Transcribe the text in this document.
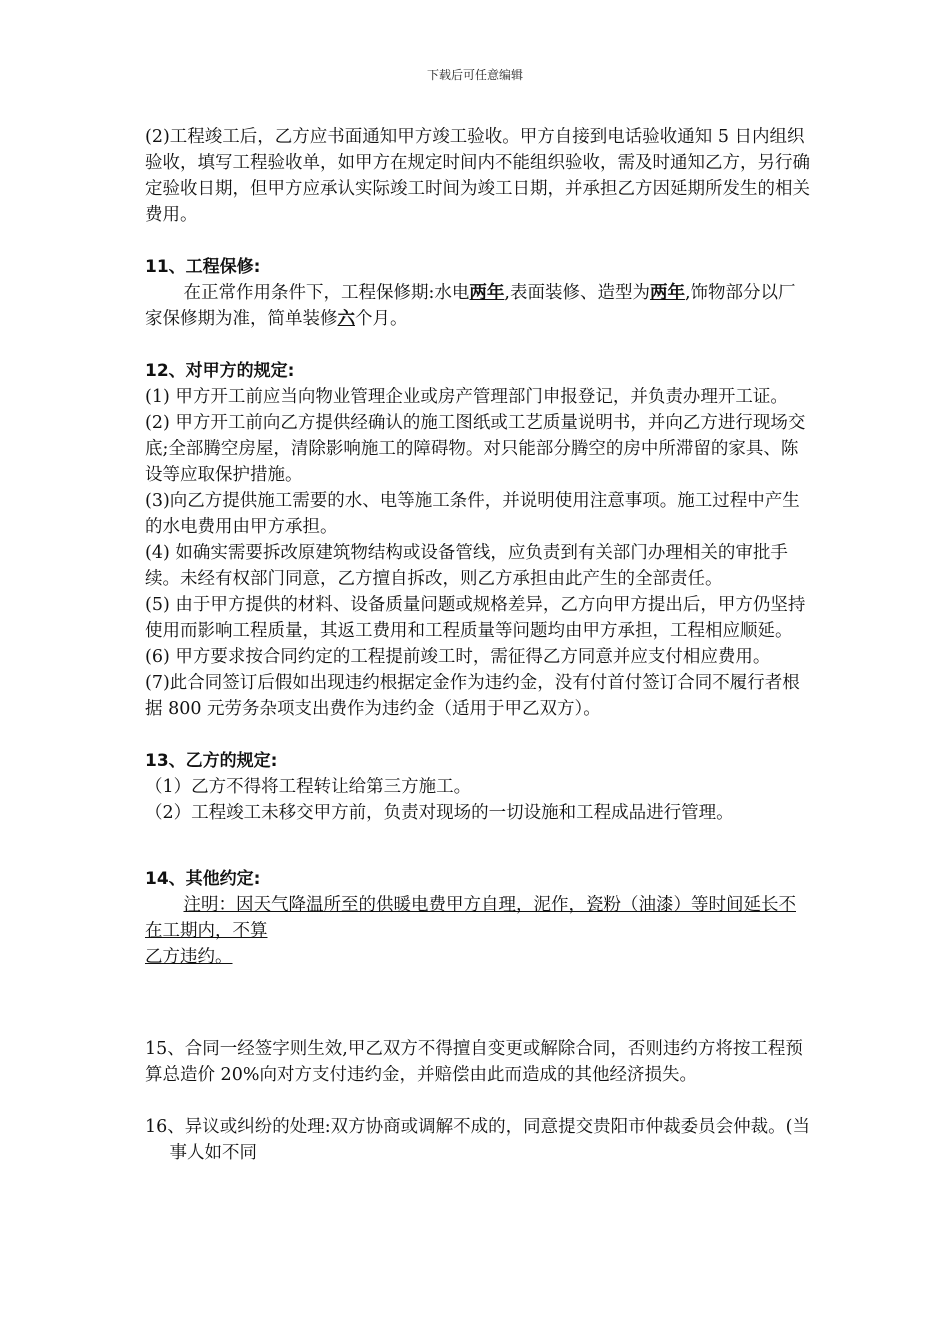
下载后可任意编辑

(2)工程竣工后，乙方应书面通知甲方竣工验收。甲方自接到电话验收通知 5 日内组织验收，填写工程验收单，如甲方在规定时间内不能组织验收，需及时通知乙方，另行确定验收日期，但甲方应承认实际竣工时间为竣工日期，并承担乙方因延期所发生的相关费用。

11、工程保修:

在正常作用条件下，工程保修期:水电两年,表面装修、造型为两年,饰物部分以厂家保修期为准，简单装修六个月。

12、对甲方的规定:

(1) 甲方开工前应当向物业管理企业或房产管理部门申报登记，并负责办理开工证。

(2) 甲方开工前向乙方提供经确认的施工图纸或工艺质量说明书，并向乙方进行现场交底;全部腾空房屋，清除影响施工的障碍物。对只能部分腾空的房中所滞留的家具、陈设等应取保护措施。

(3)向乙方提供施工需要的水、电等施工条件，并说明使用注意事项。施工过程中产生的水电费用由甲方承担。

(4) 如确实需要拆改原建筑物结构或设备管线，应负责到有关部门办理相关的审批手续。未经有权部门同意，乙方擅自拆改，则乙方承担由此产生的全部责任。

(5) 由于甲方提供的材料、设备质量问题或规格差异，乙方向甲方提出后，甲方仍坚持使用而影响工程质量，其返工费用和工程质量等问题均由甲方承担，工程相应顺延。

(6) 甲方要求按合同约定的工程提前竣工时，需征得乙方同意并应支付相应费用。

(7)此合同签订后假如出现违约根据定金作为违约金，没有付首付签订合同不履行者根据 800 元劳务杂项支出费作为违约金（适用于甲乙双方）。

13、乙方的规定:

（1）乙方不得将工程转让给第三方施工。

（2）工程竣工未移交甲方前，负责对现场的一切设施和工程成品进行管理。

14、其他约定:

注明：因天气降温所至的供暖电费甲方自理，泥作，瓷粉（油漆）等时间延长不在工期内，不算

乙方违约。

15、合同一经签字则生效,甲乙双方不得擅自变更或解除合同，否则违约方将按工程预算总造价 20%向对方支付违约金，并赔偿由此而造成的其他经济损失。

16、异议或纠纷的处理:双方协商或调解不成的，同意提交贵阳市仲裁委员会仲裁。(当事人如不同
